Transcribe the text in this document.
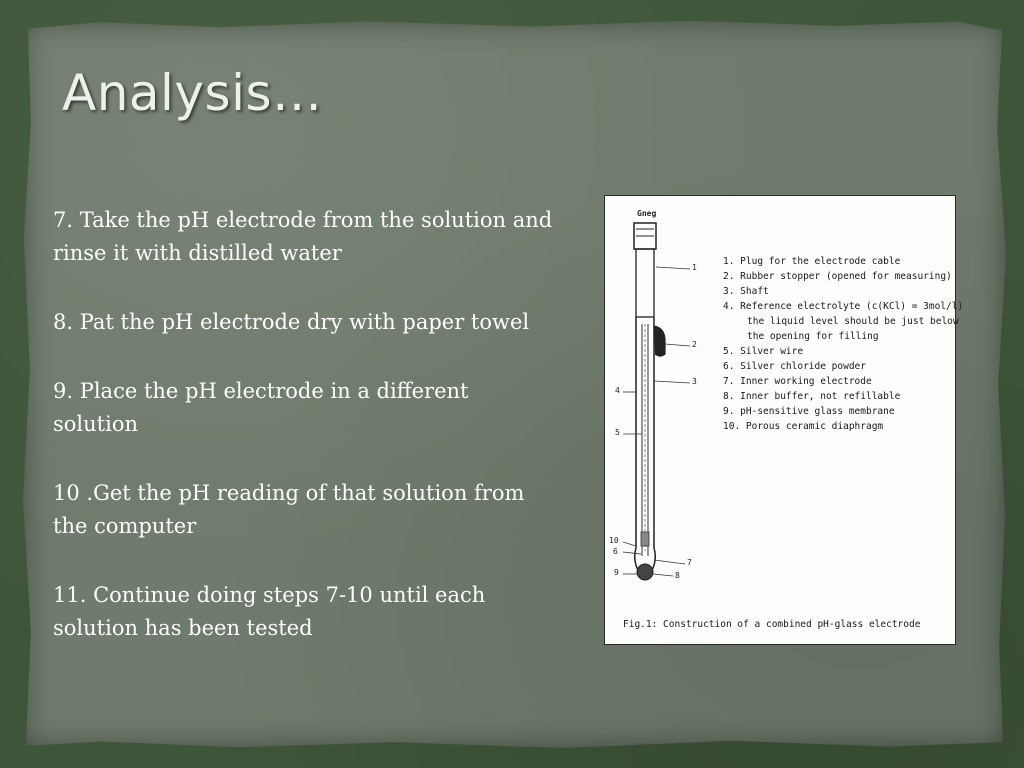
Analysis…
7. Take the pH electrode from the solution and rinse it with distilled water
8. Pat the pH electrode dry with paper towel
9. Place the pH electrode in a different solution
10 .Get the pH reading of that solution from the computer
11. Continue doing steps 7-10 until each solution has been tested
Gneg
1
2
3
4
5
10
6
7
9	8
1. Plug for the electrode cable
2. Rubber stopper (opened for measuring)
3. Shaft
4. Reference electrolyte (c(KCl) = 3mol/l)
the liquid level should be just below
the opening for filling
5. Silver wire
6. Silver chloride powder
7. Inner working electrode
8. Inner buffer, not refillable
9. pH-sensitive glass membrane
10. Porous ceramic diaphragm

Fig.1: Construction of a combined pH-glass electrode
